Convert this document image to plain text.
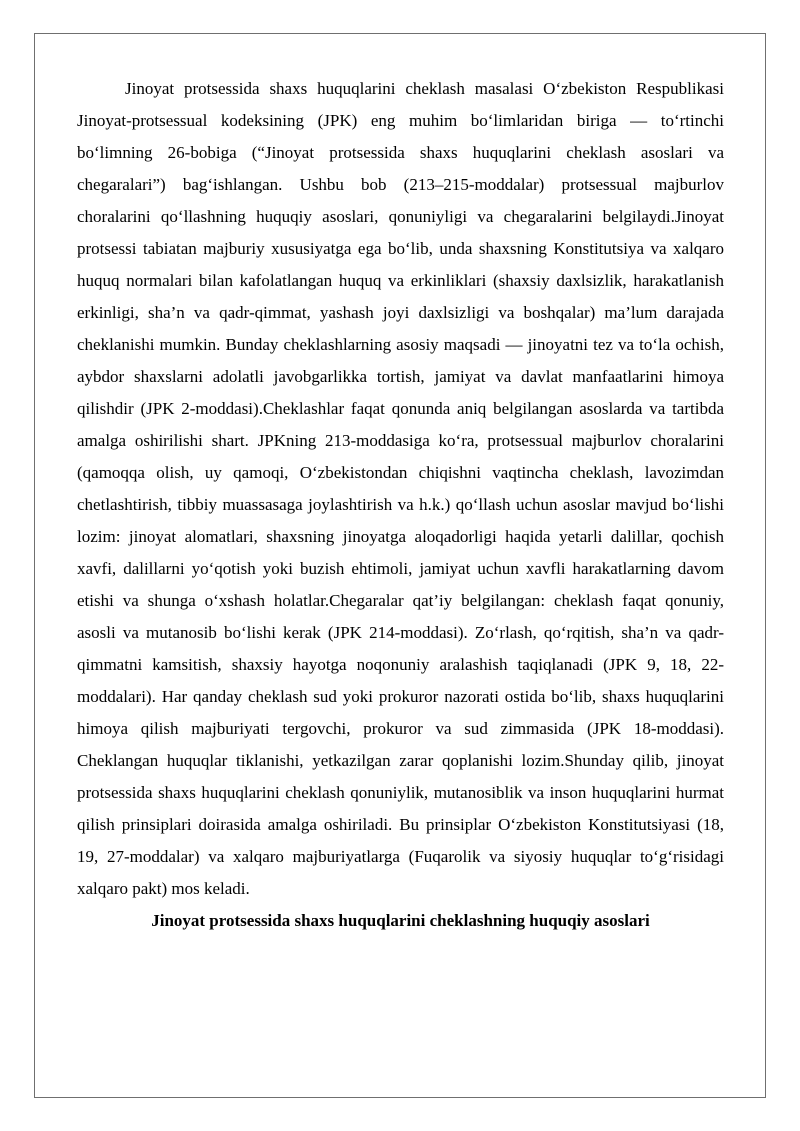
Jinoyat protsessida shaxs huquqlarini cheklash masalasi O‘zbekiston Respublikasi Jinoyat-protsessual kodeksining (JPK) eng muhim bo‘limlaridan biriga — to‘rtinchi bo‘limning 26-bobiga (“Jinoyat protsessida shaxs huquqlarini cheklash asoslari va chegaralari”) bag‘ishlangan. Ushbu bob (213–215-moddalar) protsessual majburlov choralarini qo‘llashning huquqiy asoslari, qonuniyligi va chegaralarini belgilaydi.Jinoyat protsessi tabiatan majburiy xususiyatga ega bo‘lib, unda shaxsning Konstitutsiya va xalqaro huquq normalari bilan kafolatlangan huquq va erkinliklari (shaxsiy daxlsizlik, harakatlanish erkinligi, sha’n va qadr-qimmat, yashash joyi daxlsizligi va boshqalar) ma’lum darajada cheklanishi mumkin. Bunday cheklashlarning asosiy maqsadi — jinoyatni tez va to‘la ochish, aybdor shaxslarni adolatli javobgarlikka tortish, jamiyat va davlat manfaatlarini himoya qilishdir (JPK 2-moddasi).Cheklashlar faqat qonunda aniq belgilangan asoslarda va tartibda amalga oshirilishi shart. JPKning 213-moddasiga ko‘ra, protsessual majburlov choralarini (qamoqqa olish, uy qamoqi, O‘zbekistondan chiqishni vaqtincha cheklash, lavozimdan chetlashtirish, tibbiy muassasaga joylashtirish va h.k.) qo‘llash uchun asoslar mavjud bo‘lishi lozim: jinoyat alomatlari, shaxsning jinoyatga aloqadorligi haqida yetarli dalillar, qochish xavfi, dalillarni yo‘qotish yoki buzish ehtimoli, jamiyat uchun xavfli harakatlarning davom etishi va shunga o‘xshash holatlar.Chegaralar qat’iy belgilangan: cheklash faqat qonuniy, asosli va mutanosib bo‘lishi kerak (JPK 214-moddasi). Zo‘rlash, qo‘rqitish, sha’n va qadr-qimmatni kamsitish, shaxsiy hayotga noqonuniy aralashish taqiqlanadi (JPK 9, 18, 22-moddalari). Har qanday cheklash sud yoki prokuror nazorati ostida bo‘lib, shaxs huquqlarini himoya qilish majburiyati tergovchi, prokuror va sud zimmasida (JPK 18-moddasi). Cheklangan huquqlar tiklanishi, yetkazilgan zarar qoplanishi lozim.Shunday qilib, jinoyat protsessida shaxs huquqlarini cheklash qonuniylik, mutanosiblik va inson huquqlarini hurmat qilish prinsiplari doirasida amalga oshiriladi. Bu prinsiplar O‘zbekiston Konstitutsiyasi (18, 19, 27-moddalar) va xalqaro majburiyatlarga (Fuqarolik va siyosiy huquqlar to‘g‘risidagi xalqaro pakt) mos keladi.

Jinoyat protsessida shaxs huquqlarini cheklashning huquqiy asoslari
